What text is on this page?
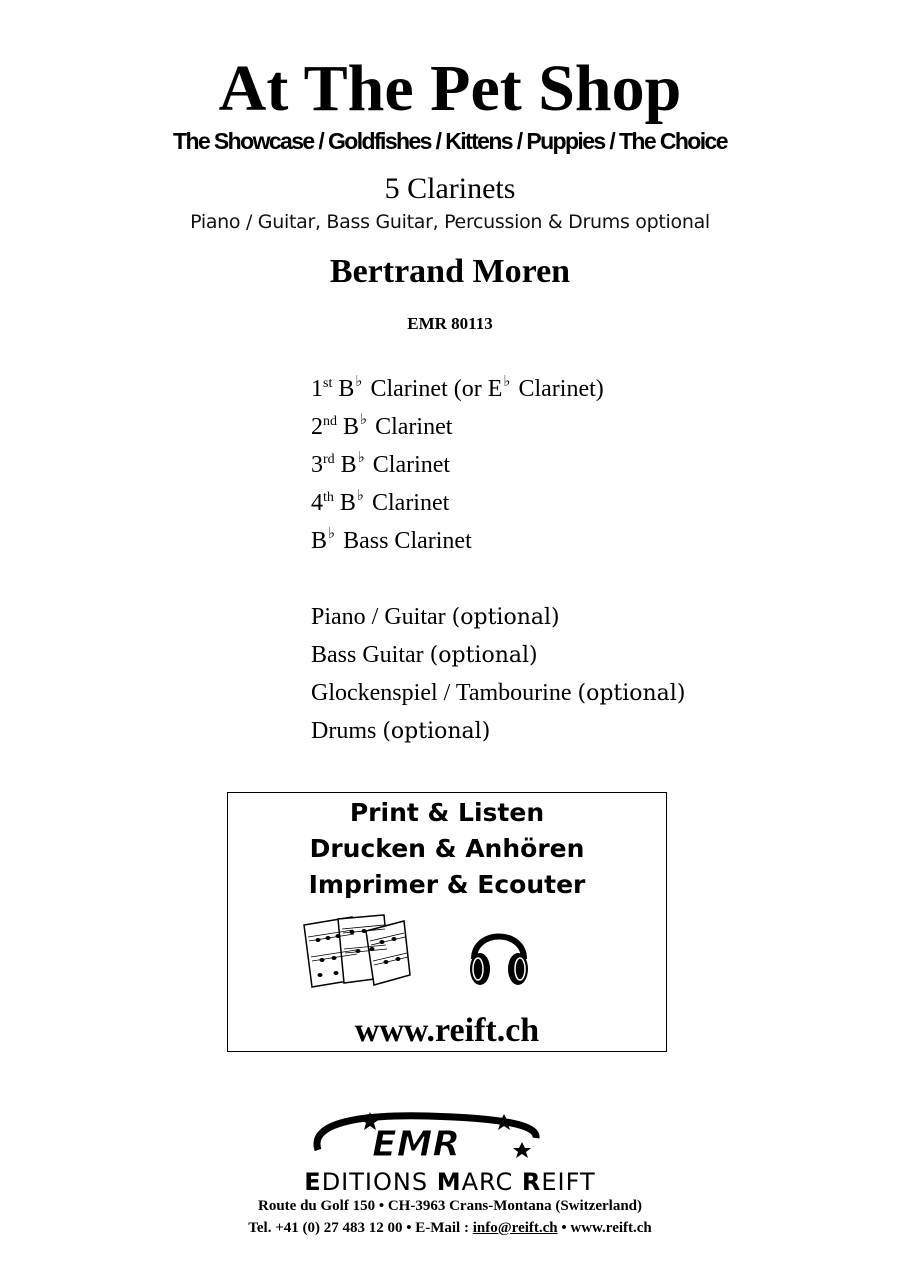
At The Pet Shop
The Showcase / Goldfishes / Kittens / Puppies / The Choice
5 Clarinets
Piano / Guitar, Bass Guitar, Percussion & Drums optional
Bertrand Moren
EMR 80113
1st B♭ Clarinet (or E♭ Clarinet)
2nd B♭ Clarinet
3rd B♭ Clarinet
4th B♭ Clarinet
B♭ Bass Clarinet
Piano / Guitar (optional)
Bass Guitar (optional)
Glockenspiel / Tambourine (optional)
Drums (optional)
Print & Listen
Drucken & Anhören
Imprimer & Ecouter
www.reift.ch
EMR
EDITIONS MARC REIFT
Route du Golf 150 • CH-3963 Crans-Montana (Switzerland)
Tel. +41 (0) 27 483 12 00 • E-Mail : info@reift.ch • www.reift.ch
